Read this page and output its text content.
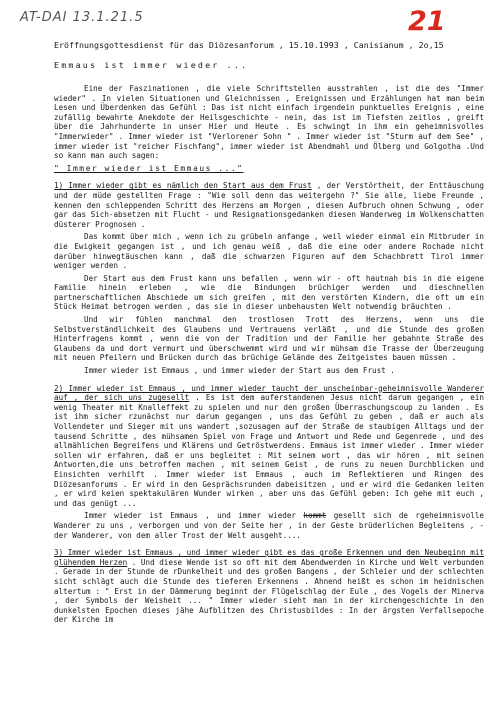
AT-DAI 13.1.21.5	21
Eröffnungsgottesdienst für das Diözesanforum , 15.10.1993 , Canisianum , 2o,15
Emmaus ist immer wieder ...

Eine der Faszinationen , die viele Schriftstellen ausstrahlen , ist die des "Immer wieder" . In vielen Situationen und Gleichnissen , Ereignissen und Erzählungen hat man beim Lesen und Überdenken das Gefühl : Das ist nicht einfach irgendein punktuelles Ereignis , eine zufällig bewahrte Anekdote der Heilsgeschichte - nein, das ist im Tiefsten zeitlos , greift über die Jahrhunderte in unser Hier und Heute . Es schwingt in ihm ein geheimnisvolles "Immerwieder" . Immer wieder ist "Verlorener Sohn " . Immer wieder ist "Sturm auf dem See" , immer wieder ist "reicher Fischfang", immer wieder ist Abendmahl und Ölberg und Golgotha .Und so kann man auch sagen:

" Immer wieder ist Emmaus ..."

1) Immer wieder gibt es nämlich den Start aus dem Frust , der Verstörtheit, der Enttäuschung und der müde gestellten Frage : "Wie soll denn das weitergehn ?" Sie alle, liebe Freunde , kennen den schleppenden Schritt des Herzens am Morgen , diesen Aufbruch ohnen Schwung , oder gar das Sich-absetzen mit Flucht - und Resignationsgedanken diesen Wanderweg im Wolkenschatten düsterer Prognosen .

Das kommt über mich , wenn ich zu grübeln anfange , weil wieder einmal ein Mitbruder in die Ewigkeit gegangen ist , und ich genau weiß , daß die eine oder andere Rochade nicht darüber hinwegtäuschen kann , daß die schwarzen Figuren auf dem Schachbrett Tirol immer weniger werden .

Der Start aus dem Frust kann uns befallen , wenn wir - oft hautnah bis in die eigene Familie hinein erleben , wie die Bindungen brüchiger werden und dieschnellen partnerschaftlichen Abschiede um sich greifen , mit den verstörten Kindern, die oft um ein Stück Heimat betrogen werden , das sie in dieser unbehausten Welt notwendig bräuchten .

Und wir fühlen manchmal den trostlosen Trott des Herzens, wenn uns die Selbstverständlichkeit des Glaubens und Vertrauens verläßt , und die Stunde des großen Hinterfragens kommt , wenn die von der Tradition und der Familie her gebahnte Straße des Glaubens da und dort vermurt und überschwemmt wird und wir mühsam die Trasse der Überzeugung mit neuen Pfeilern und Brücken durch das brüchige Gelände des Zeitgeistes bauen müssen .

Immer wieder ist Emmaus , und immer wieder der Start aus dem Frust .

2) Immer wieder ist Emmaus , und immer wieder taucht der unscheinbar-geheimnisvolle Wanderer auf , der sich uns zugesellt . Es ist dem auferstandenen Jesus nicht darum gegangen , ein wenig Theater mit Knalleffekt zu spielen und nur den großen Überraschungscoup zu landen . Es ist ihm sicher rzunächst nur darum gegangen , uns das Gefühl zu geben , daß er auch als Vollendeter und Sieger mit uns wandert ,sozusagen auf der Straße de staubigen Alltags und der tausend Schritte , des mühsamen Spiel von Frage und Antwort und Rede und Gegenrede , und des allmählichen Begreifens und Klärens und Getröstwerdens. Emmaus ist immer wieder . Immer wieder sollen wir erfahren, daß er uns begleitet : Mit seinem wort , das wir hören , mit seinen Antworten,die uns betroffen machen , mit seinem Geist , de runs zu neuen Durchblicken und Einsichten verhilft . Immer wieder ist Emmaus , auch im Reflektieren und Ringen des Diözesanforums . Er wird in den Gesprächsrunden dabeisitzen , und er wird die Gedanken leiten , er wird keien spektakulären Wunder wirken , aber uns das Gefühl geben: Ich gehe mit euch , und das genügt ...

Immer wieder ist Emmaus , und immer wieder kommt gesellt sich de rgeheimnisvolle Wanderer zu uns , verborgen und von der Seite her , in der Geste brüderlichen Begleitens , - der Wanderer, von dem aller Trost der Welt ausgeht....

3) Immer wieder ist Emmaus , und immer wieder gibt es das große Erkennen und den Neubeginn mit glühendem Herzen . Und diese Wende ist so oft mit dem Abendwerden in Kirche und Welt verbunden . Gerade in der Stunde de rDunkelheit und des großen Bangens , der Schleier und der schlechten sicht schlägt auch die Stunde des tieferen Erkennens . Ahnend heißt es schon im heidnischen altertum : " Erst in der Dämmerung beginnt der Flügelschlag der Eule , des Vogels der Minerva , der Symbols der Weisheit ... " Immer wieder sieht man in der kirchengeschichte in den dunkelsten Epochen dieses jähe Aufblitzen des Christusbildes : In der ärgsten Verfallsepoche der Kirche im
